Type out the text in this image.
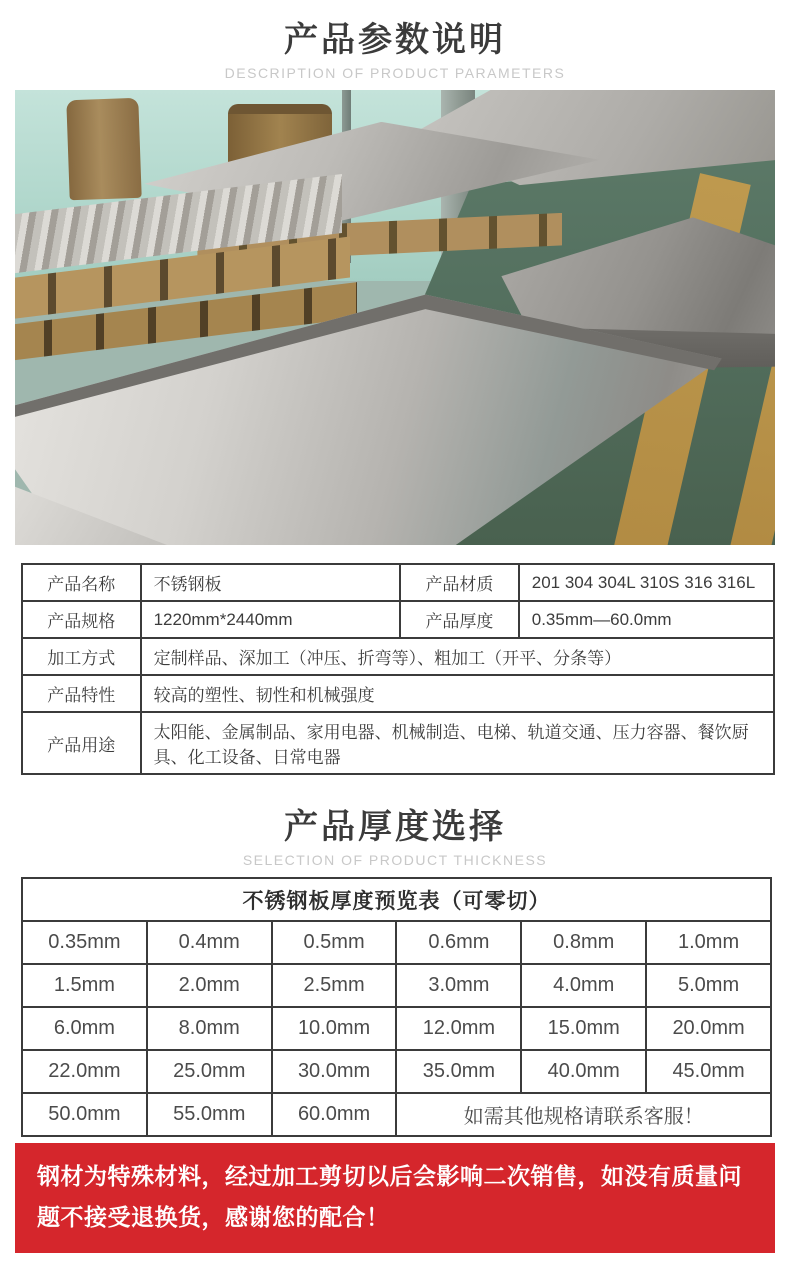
产品参数说明
DESCRIPTION OF PRODUCT PARAMETERS
产品名称	不锈钢板	产品材质	201 304 304L 310S 316 316L
产品规格	1220mm*2440mm	产品厚度	0.35mm—60.0mm
加工方式	定制样品、深加工（冲压、折弯等）、粗加工（开平、分条等）		
产品特性	较高的塑性、韧性和机械强度		
产品用途	太阳能、金属制品、家用电器、机械制造、电梯、轨道交通、压力容器、餐饮厨具、化工设备、日常电器		
产品厚度选择
SELECTION OF PRODUCT THICKNESS
不锈钢板厚度预览表（可零切）					
0.35mm	0.4mm	0.5mm	0.6mm	0.8mm	1.0mm
1.5mm	2.0mm	2.5mm	3.0mm	4.0mm	5.0mm
6.0mm	8.0mm	10.0mm	12.0mm	15.0mm	20.0mm
22.0mm	25.0mm	30.0mm	35.0mm	40.0mm	45.0mm
50.0mm	55.0mm	60.0mm	如需其他规格请联系客服！		
钢材为特殊材料，经过加工剪切以后会影响二次销售，如没有质量问题不接受退换货，感谢您的配合！
